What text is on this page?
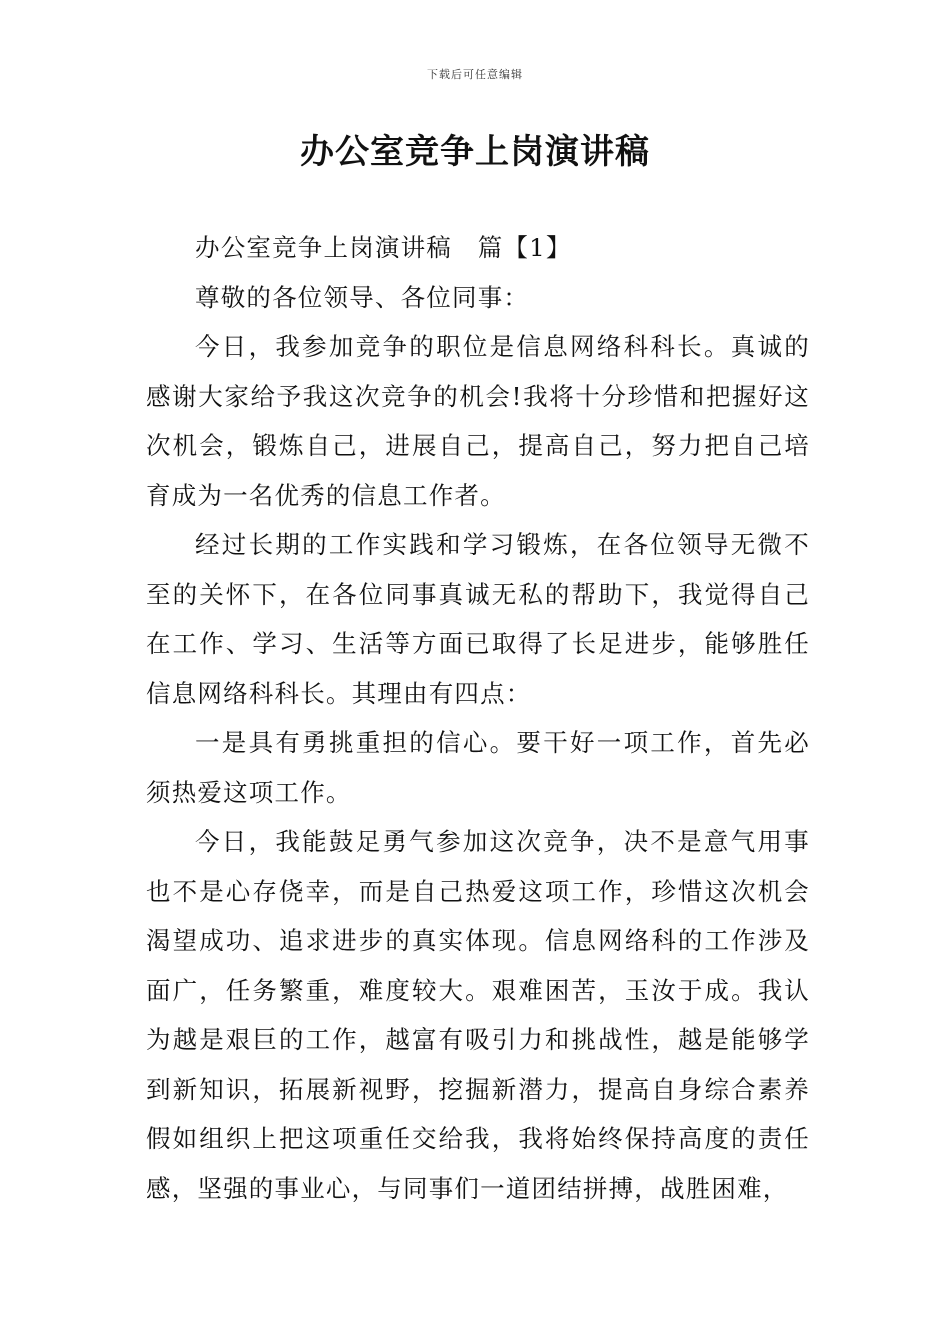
下载后可任意编辑
办公室竞争上岗演讲稿

办公室竞争上岗演讲稿　篇【1】

尊敬的各位领导、各位同事：

今日，我参加竞争的职位是信息网络科科长。真诚的感谢大家给予我这次竞争的机会!我将十分珍惜和把握好这次机会，锻炼自己，进展自己，提高自己，努力把自己培育成为一名优秀的信息工作者。

经过长期的工作实践和学习锻炼，在各位领导无微不至的关怀下，在各位同事真诚无私的帮助下，我觉得自己在工作、学习、生活等方面已取得了长足进步，能够胜任信息网络科科长。其理由有四点：

一是具有勇挑重担的信心。要干好一项工作，首先必须热爱这项工作。

今日，我能鼓足勇气参加这次竞争，决不是意气用事也不是心存侥幸，而是自己热爱这项工作，珍惜这次机会渴望成功、追求进步的真实体现。信息网络科的工作涉及面广，任务繁重，难度较大。艰难困苦，玉汝于成。我认为越是艰巨的工作，越富有吸引力和挑战性，越是能够学到新知识，拓展新视野，挖掘新潜力，提高自身综合素养假如组织上把这项重任交给我，我将始终保持高度的责任感，坚强的事业心，与同事们一道团结拼搏，战胜困难，
